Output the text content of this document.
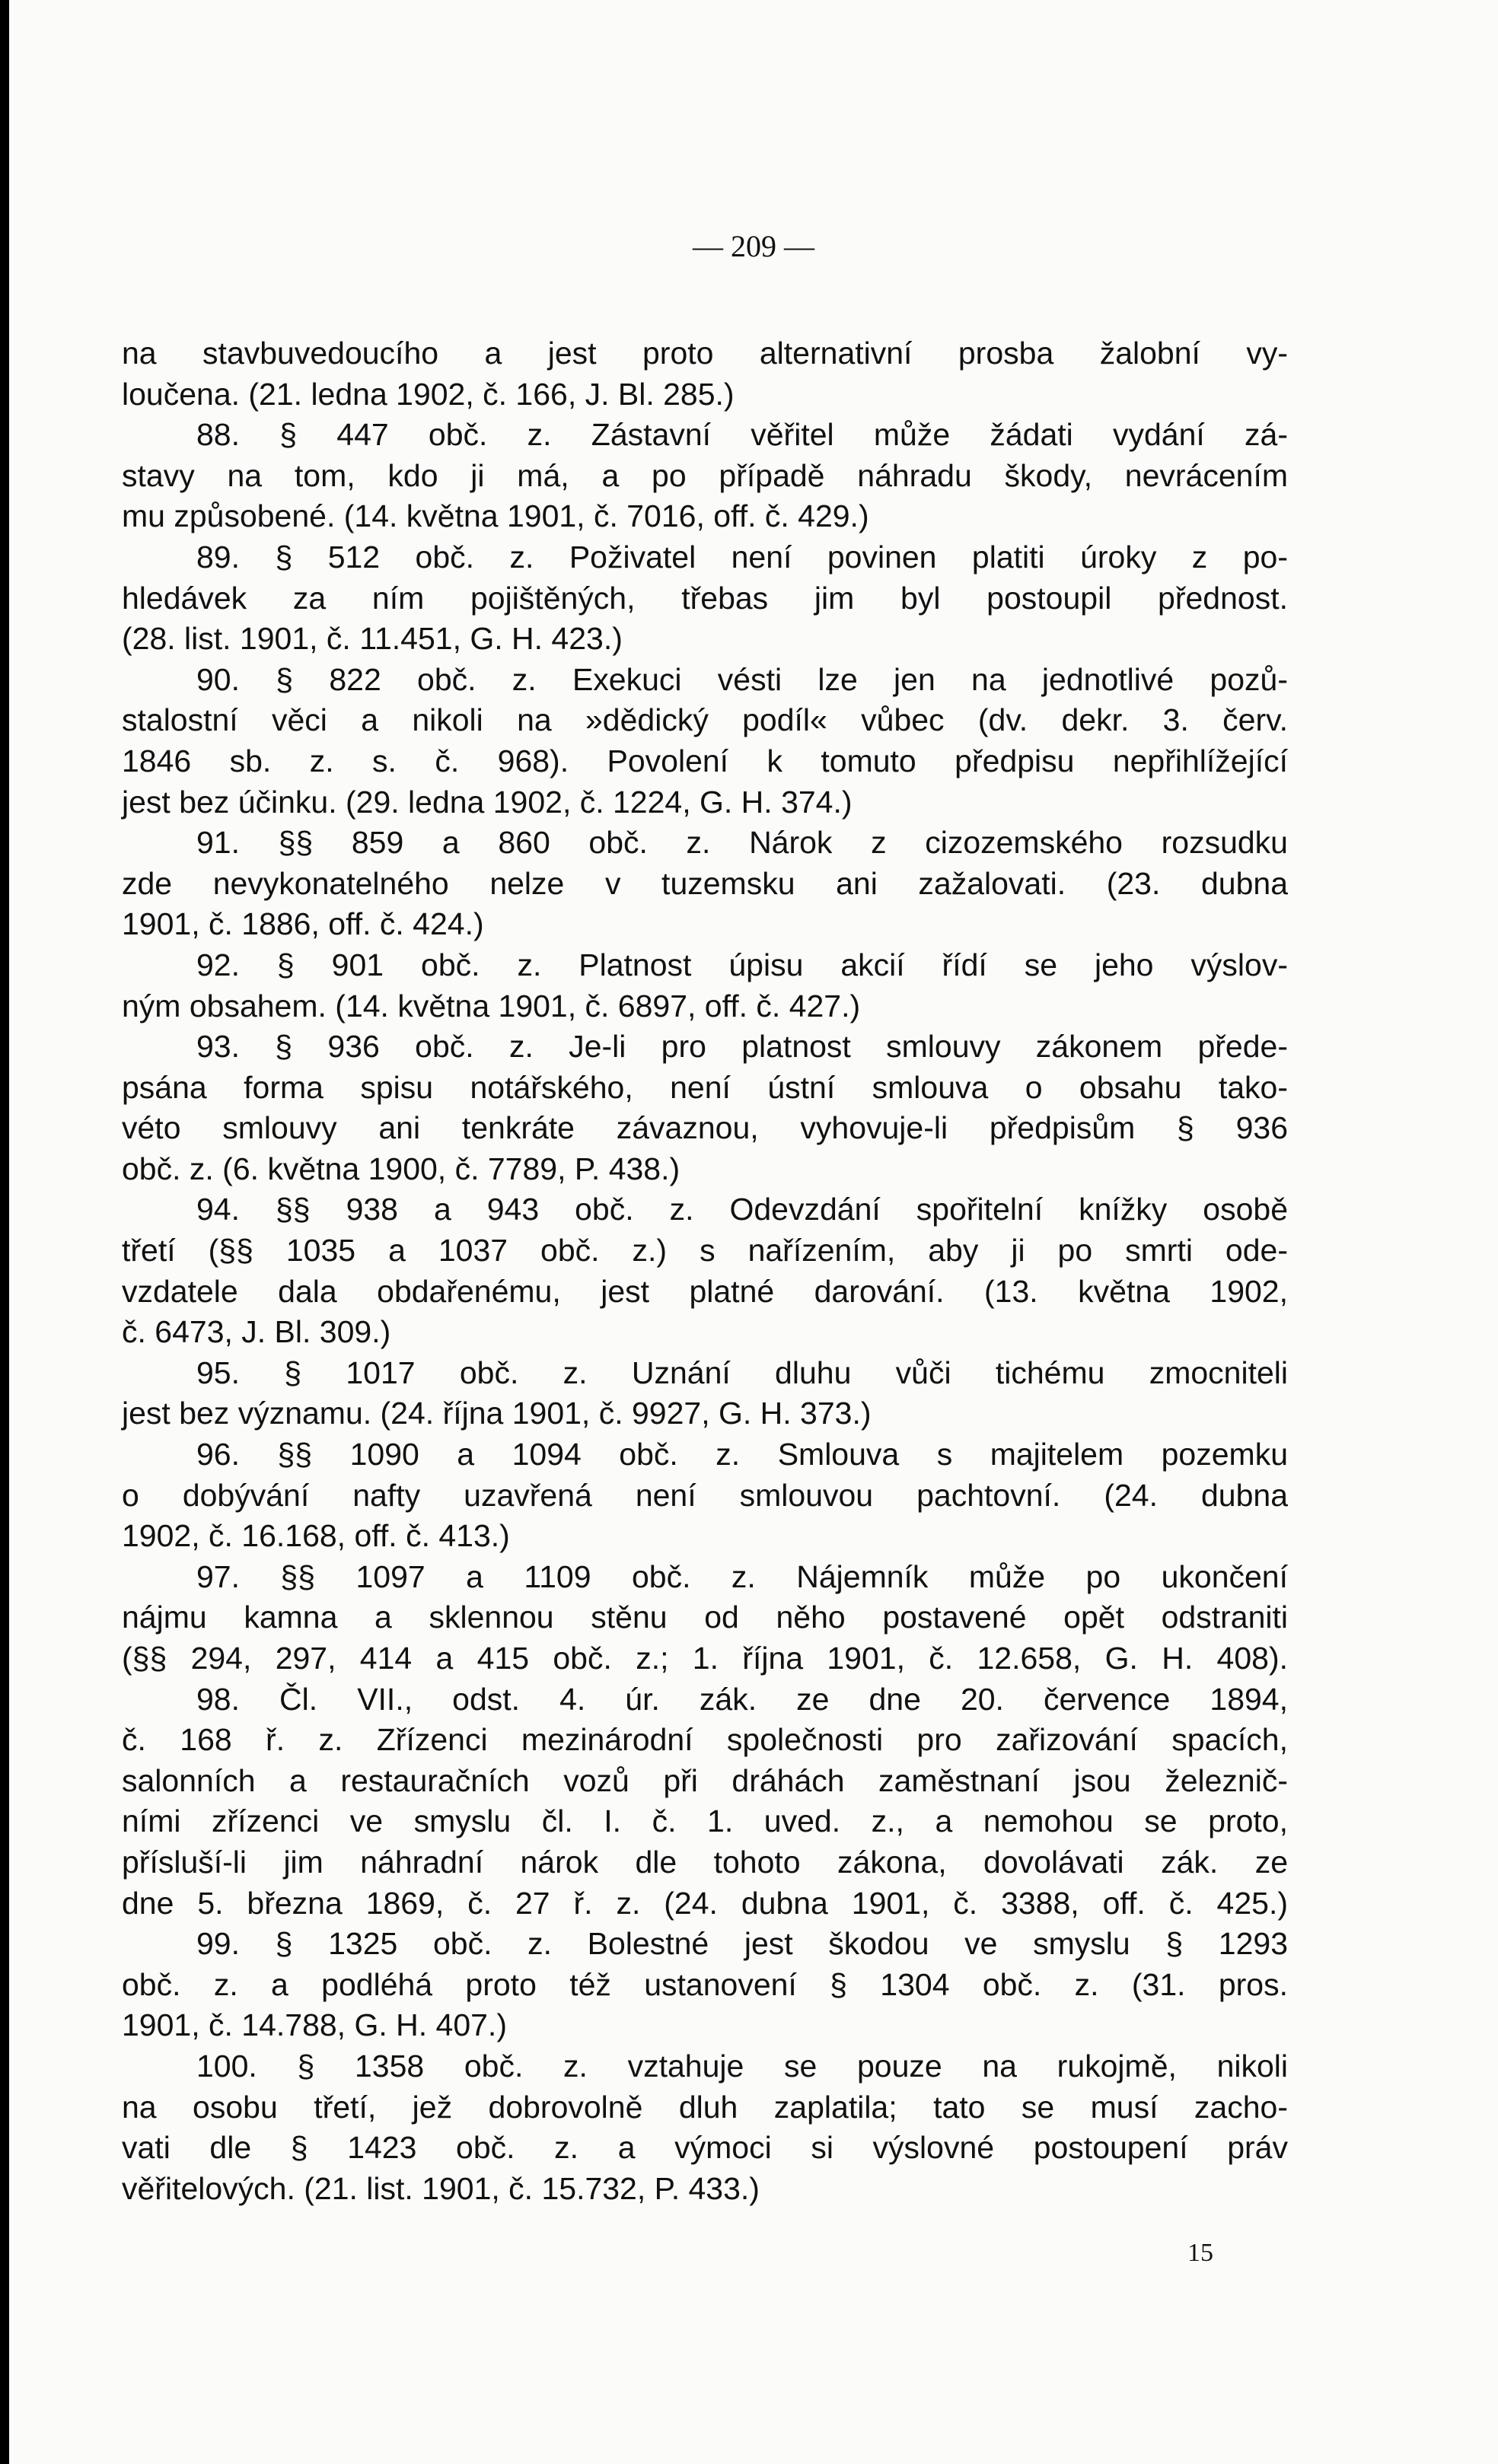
— 209 —
na stavbuvedoucího a jest proto alternativní prosba žalobní vy-
loučena. (21. ledna 1902, č. 166, J. Bl. 285.)
88. § 447 obč. z. Zástavní věřitel může žádati vydání zá-
stavy na tom, kdo ji má, a po případě náhradu škody, nevrácením
mu způsobené. (14. května 1901, č. 7016, off. č. 429.)
89. § 512 obč. z. Poživatel není povinen platiti úroky z po-
hledávek za ním pojištěných, třebas jim byl postoupil přednost.
(28. list. 1901, č. 11.451, G. H. 423.)
90. § 822 obč. z. Exekuci vésti lze jen na jednotlivé pozů-
stalostní věci a nikoli na »dědický podíl« vůbec (dv. dekr. 3. červ.
1846 sb. z. s. č. 968). Povolení k tomuto předpisu nepřihlížející
jest bez účinku. (29. ledna 1902, č. 1224, G. H. 374.)
91. §§ 859 a 860 obč. z. Nárok z cizozemského rozsudku
zde nevykonatelného nelze v tuzemsku ani zažalovati. (23. dubna
1901, č. 1886, off. č. 424.)
92. § 901 obč. z. Platnost úpisu akcií řídí se jeho výslov-
ným obsahem. (14. května 1901, č. 6897, off. č. 427.)
93. § 936 obč. z. Je-li pro platnost smlouvy zákonem přede-
psána forma spisu notářského, není ústní smlouva o obsahu tako-
véto smlouvy ani tenkráte závaznou, vyhovuje-li předpisům § 936
obč. z. (6. května 1900, č. 7789, P. 438.)
94. §§ 938 a 943 obč. z. Odevzdání spořitelní knížky osobě
třetí (§§ 1035 a 1037 obč. z.) s nařízením, aby ji po smrti ode-
vzdatele dala obdařenému, jest platné darování. (13. května 1902,
č. 6473, J. Bl. 309.)
95. § 1017 obč. z. Uznání dluhu vůči tichému zmocniteli
jest bez významu. (24. října 1901, č. 9927, G. H. 373.)
96. §§ 1090 a 1094 obč. z. Smlouva s majitelem pozemku
o dobývání nafty uzavřená není smlouvou pachtovní. (24. dubna
1902, č. 16.168, off. č. 413.)
97. §§ 1097 a 1109 obč. z. Nájemník může po ukončení
nájmu kamna a sklennou stěnu od něho postavené opět odstraniti
(§§ 294, 297, 414 a 415 obč. z.; 1. října 1901, č. 12.658, G. H. 408).
98. Čl. VII., odst. 4. úr. zák. ze dne 20. července 1894,
č. 168 ř. z. Zřízenci mezinárodní společnosti pro zařizování spacích,
salonních a restauračních vozů při dráhách zaměstnaní jsou železnič-
ními zřízenci ve smyslu čl. I. č. 1. uved. z., a nemohou se proto,
přísluší-li jim náhradní nárok dle tohoto zákona, dovolávati zák. ze
dne 5. března 1869, č. 27 ř. z. (24. dubna 1901, č. 3388, off. č. 425.)
99. § 1325 obč. z. Bolestné jest škodou ve smyslu § 1293
obč. z. a podléhá proto též ustanovení § 1304 obč. z. (31. pros.
1901, č. 14.788, G. H. 407.)
100. § 1358 obč. z. vztahuje se pouze na rukojmě, nikoli
na osobu třetí, jež dobrovolně dluh zaplatila; tato se musí zacho-
vati dle § 1423 obč. z. a výmoci si výslovné postoupení práv
věřitelových. (21. list. 1901, č. 15.732, P. 433.)
15
